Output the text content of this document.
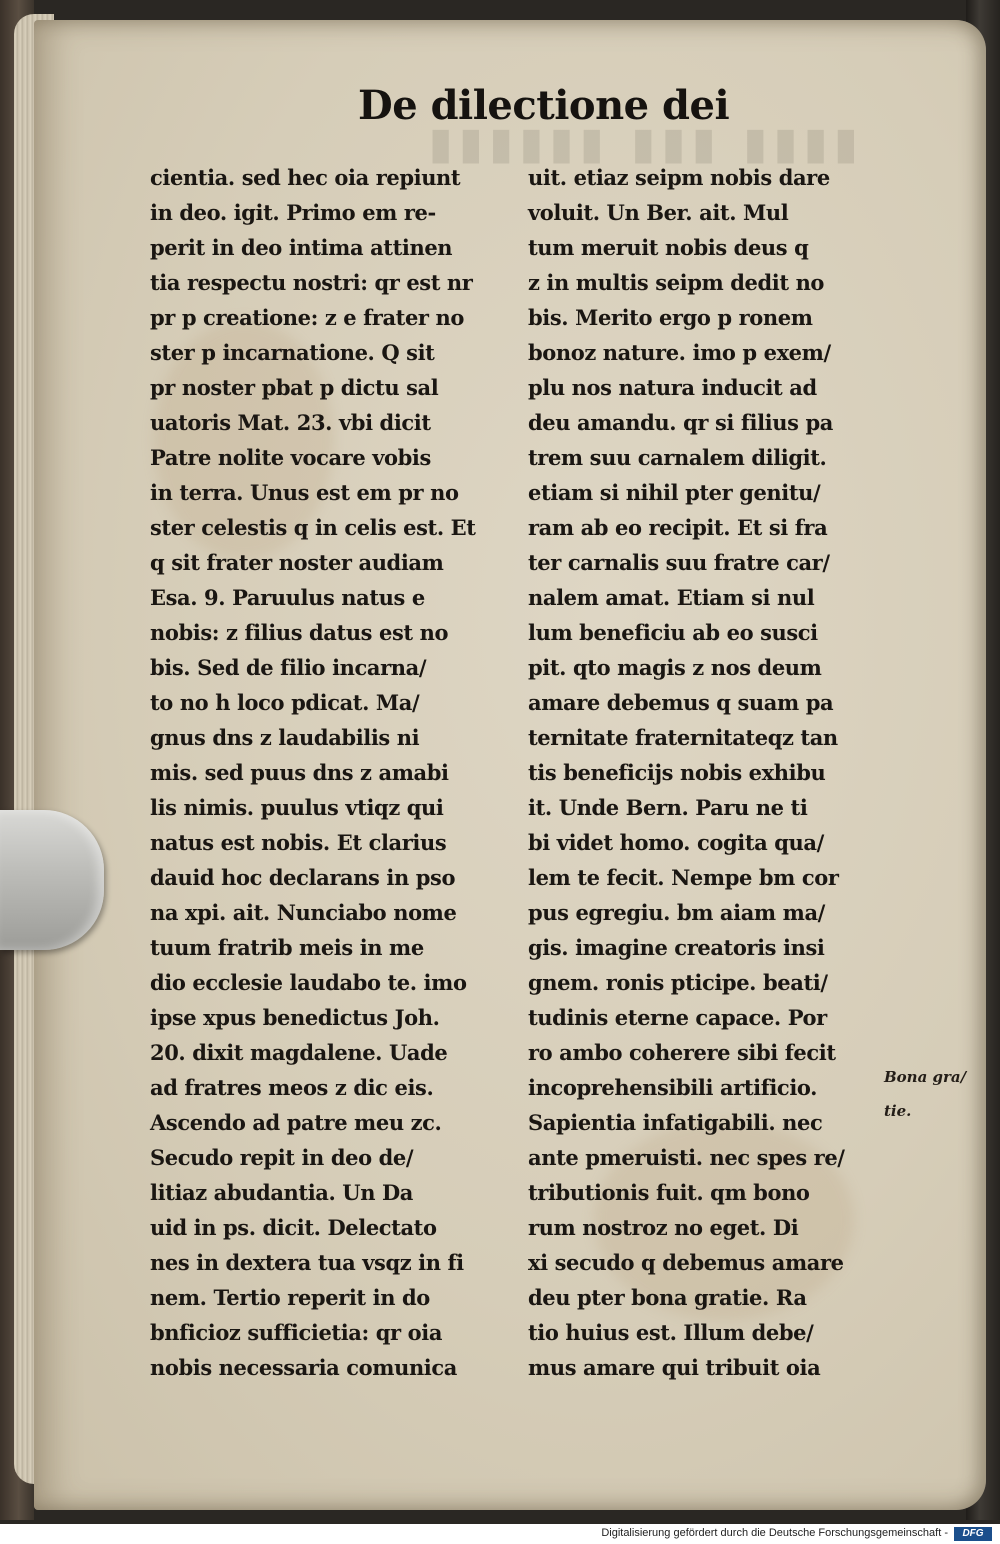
▮▮▮▮ ▮▮▮ ▮▮▮▮▮▮
De dilectione dei
cientia. sed hec oia repiunt
in deo. igit. Primo em re-
perit in deo intima attinen
tia respectu nostri: qr est nr
pr p creatione: z e frater no
ster p incarnatione. Q sit
pr noster pbat p dictu sal
uatoris Mat. 23. vbi dicit
Patre nolite vocare vobis
in terra. Unus est em pr no
ster celestis q in celis est. Et
q sit frater noster audiam
Esa. 9. Paruulus natus e
nobis: z filius datus est no
bis. Sed de filio incarna/
to no h loco pdicat. Ma/
gnus dns z laudabilis ni
mis. sed puus dns z amabi
lis nimis. puulus vtiqz qui
natus est nobis. Et clarius
dauid hoc declarans in pso
na xpi. ait. Nunciabo nome
tuum fratrib meis in me
dio ecclesie laudabo te. imo
ipse xpus benedictus Joh.
20. dixit magdalene. Uade
ad fratres meos z dic eis.
Ascendo ad patre meu zc.
Secudo repit in deo de/
litiaz abudantia. Un Da
uid in ps. dicit. Delectato
nes in dextera tua vsqz in fi
nem. Tertio reperit in do
bnficioz sufficietia: qr oia
nobis necessaria comunica
uit. etiaz seipm nobis dare
voluit. Un Ber. ait. Mul
tum meruit nobis deus q
z in multis seipm dedit no
bis. Merito ergo p ronem
bonoz nature. imo p exem/
plu nos natura inducit ad
deu amandu. qr si filius pa
trem suu carnalem diligit.
etiam si nihil pter genitu/
ram ab eo recipit. Et si fra
ter carnalis suu fratre car/
nalem amat. Etiam si nul
lum beneficiu ab eo susci
pit. qto magis z nos deum
amare debemus q suam pa
ternitate fraternitateqz tan
tis beneficijs nobis exhibu
it. Unde Bern. Paru ne ti
bi videt homo. cogita qua/
lem te fecit. Nempe bm cor
pus egregiu. bm aiam ma/
gis. imagine creatoris insi
gnem. ronis pticipe. beati/
tudinis eterne capace. Por
ro ambo coherere sibi fecit
incoprehensibili artificio.
Sapientia infatigabili. nec
ante pmeruisti. nec spes re/
tributionis fuit. qm bono
rum nostroz no eget. Di
xi secudo q debemus amare
deu pter bona gratie. Ra
tio huius est. Illum debe/
mus amare qui tribuit oia
Bona gra/
tie.
Digitalisierung gefördert durch die Deutsche Forschungsgemeinschaft -	DFG
